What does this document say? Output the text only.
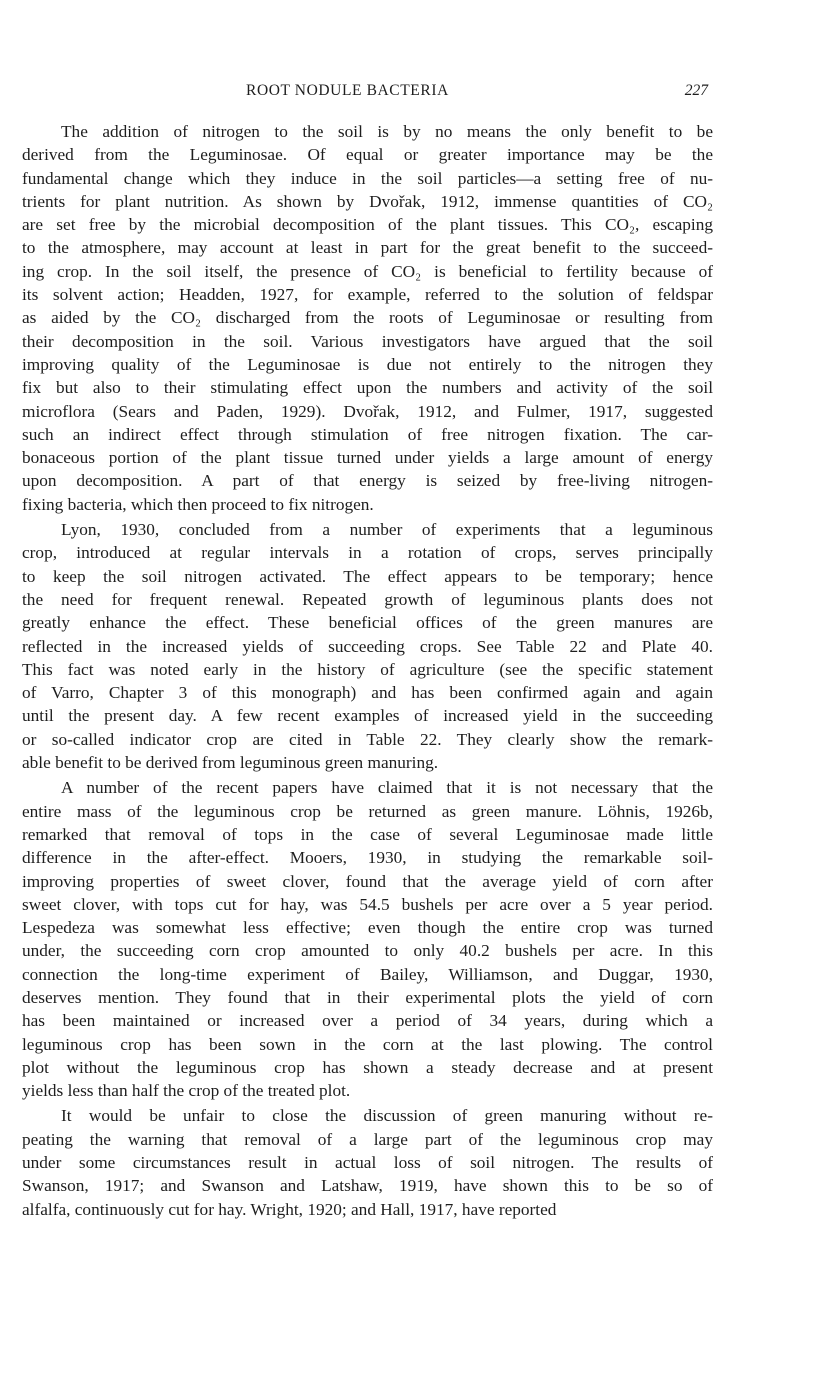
ROOT NODULE BACTERIA	227
The addition of nitrogen to the soil is by no means the only benefit to be
derived from the Leguminosae. Of equal or greater importance may be the
fundamental change which they induce in the soil particles—a setting free of nu-
trients for plant nutrition. As shown by Dvořak, 1912, immense quantities of CO₂
are set free by the microbial decomposition of the plant tissues. This CO₂, escaping
to the atmosphere, may account at least in part for the great benefit to the succeed-
ing crop. In the soil itself, the presence of CO₂ is beneficial to fertility because of
its solvent action; Headden, 1927, for example, referred to the solution of feldspar
as aided by the CO₂ discharged from the roots of Leguminosae or resulting from
their decomposition in the soil. Various investigators have argued that the soil
improving quality of the Leguminosae is due not entirely to the nitrogen they
fix but also to their stimulating effect upon the numbers and activity of the soil
microflora (Sears and Paden, 1929). Dvořak, 1912, and Fulmer, 1917, suggested
such an indirect effect through stimulation of free nitrogen fixation. The car-
bonaceous portion of the plant tissue turned under yields a large amount of energy
upon decomposition. A part of that energy is seized by free-living nitrogen-
fixing bacteria, which then proceed to fix nitrogen.
Lyon, 1930, concluded from a number of experiments that a leguminous
crop, introduced at regular intervals in a rotation of crops, serves principally
to keep the soil nitrogen activated. The effect appears to be temporary; hence
the need for frequent renewal. Repeated growth of leguminous plants does not
greatly enhance the effect. These beneficial offices of the green manures are
reflected in the increased yields of succeeding crops. See Table 22 and Plate 40.
This fact was noted early in the history of agriculture (see the specific statement
of Varro, Chapter 3 of this monograph) and has been confirmed again and again
until the present day. A few recent examples of increased yield in the succeeding
or so-called indicator crop are cited in Table 22. They clearly show the remark-
able benefit to be derived from leguminous green manuring.
A number of the recent papers have claimed that it is not necessary that the
entire mass of the leguminous crop be returned as green manure. Löhnis, 1926b,
remarked that removal of tops in the case of several Leguminosae made little
difference in the after-effect. Mooers, 1930, in studying the remarkable soil-
improving properties of sweet clover, found that the average yield of corn after
sweet clover, with tops cut for hay, was 54.5 bushels per acre over a 5 year period.
Lespedeza was somewhat less effective; even though the entire crop was turned
under, the succeeding corn crop amounted to only 40.2 bushels per acre. In this
connection the long-time experiment of Bailey, Williamson, and Duggar, 1930,
deserves mention. They found that in their experimental plots the yield of corn
has been maintained or increased over a period of 34 years, during which a
leguminous crop has been sown in the corn at the last plowing. The control
plot without the leguminous crop has shown a steady decrease and at present
yields less than half the crop of the treated plot.
It would be unfair to close the discussion of green manuring without re-
peating the warning that removal of a large part of the leguminous crop may
under some circumstances result in actual loss of soil nitrogen. The results of
Swanson, 1917; and Swanson and Latshaw, 1919, have shown this to be so of
alfalfa, continuously cut for hay. Wright, 1920; and Hall, 1917, have reported
